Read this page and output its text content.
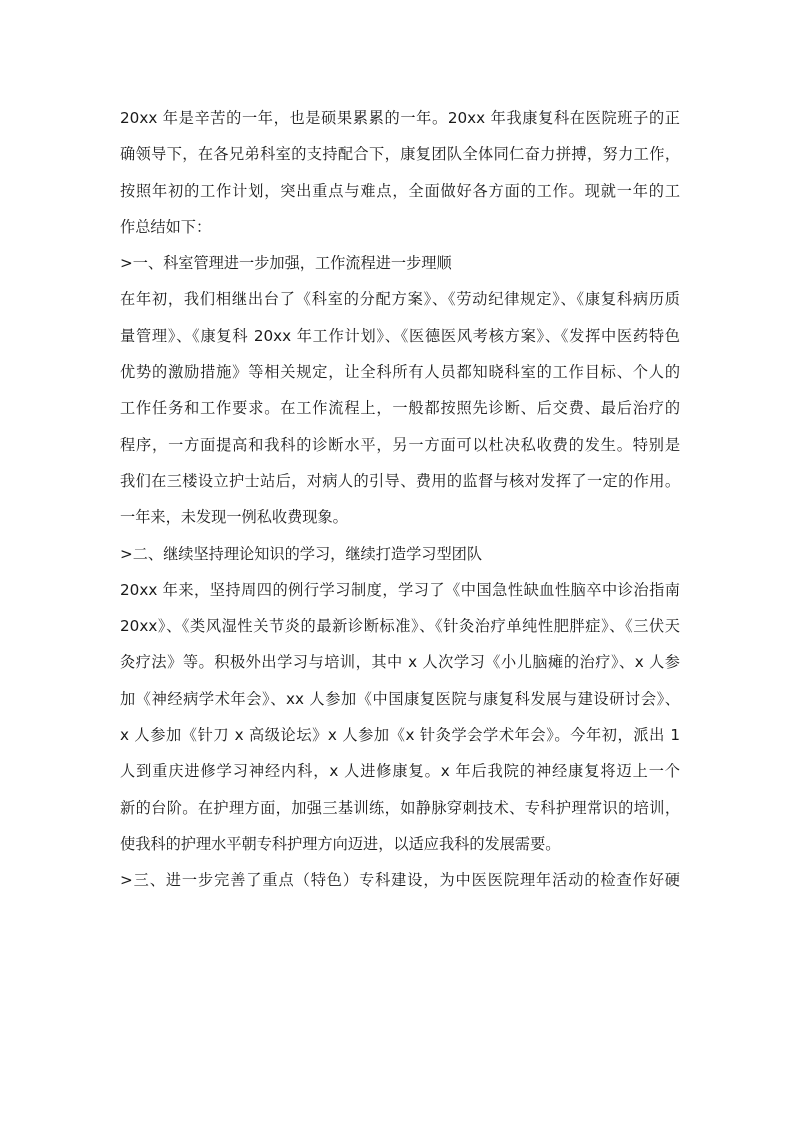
20xx 年是辛苦的一年，也是硕果累累的一年。20xx 年我康复科在医院班子的正
确领导下，在各兄弟科室的支持配合下，康复团队全体同仁奋力拼搏，努力工作，
按照年初的工作计划，突出重点与难点，全面做好各方面的工作。现就一年的工
作总结如下：
>一、科室管理进一步加强，工作流程进一步理顺
在年初，我们相继出台了《科室的分配方案》、《劳动纪律规定》、《康复科病历质
量管理》、《康复科 20xx 年工作计划》、《医德医风考核方案》、《发挥中医药特色
优势的激励措施》等相关规定，让全科所有人员都知晓科室的工作目标、个人的
工作任务和工作要求。在工作流程上，一般都按照先诊断、后交费、最后治疗的
程序，一方面提高和我科的诊断水平，另一方面可以杜决私收费的发生。特别是
我们在三楼设立护士站后，对病人的引导、费用的监督与核对发挥了一定的作用。
一年来，未发现一例私收费现象。
>二、继续坚持理论知识的学习，继续打造学习型团队
20xx 年来，坚持周四的例行学习制度，学习了《中国急性缺血性脑卒中诊治指南
20xx》、《类风湿性关节炎的最新诊断标准》、《针灸治疗单纯性肥胖症》、《三伏天
灸疗法》等。积极外出学习与培训，其中 x 人次学习《小儿脑瘫的治疗》、x 人参
加《神经病学术年会》、xx 人参加《中国康复医院与康复科发展与建设研讨会》、
x 人参加《针刀 x 高级论坛》x 人参加《x 针灸学会学术年会》。今年初，派出 1
人到重庆进修学习神经内科，x 人进修康复。x 年后我院的神经康复将迈上一个
新的台阶。在护理方面，加强三基训练，如静脉穿刺技术、专科护理常识的培训，
使我科的护理水平朝专科护理方向迈进，以适应我科的发展需要。
>三、进一步完善了重点（特色）专科建设，为中医医院理年活动的检查作好硬
